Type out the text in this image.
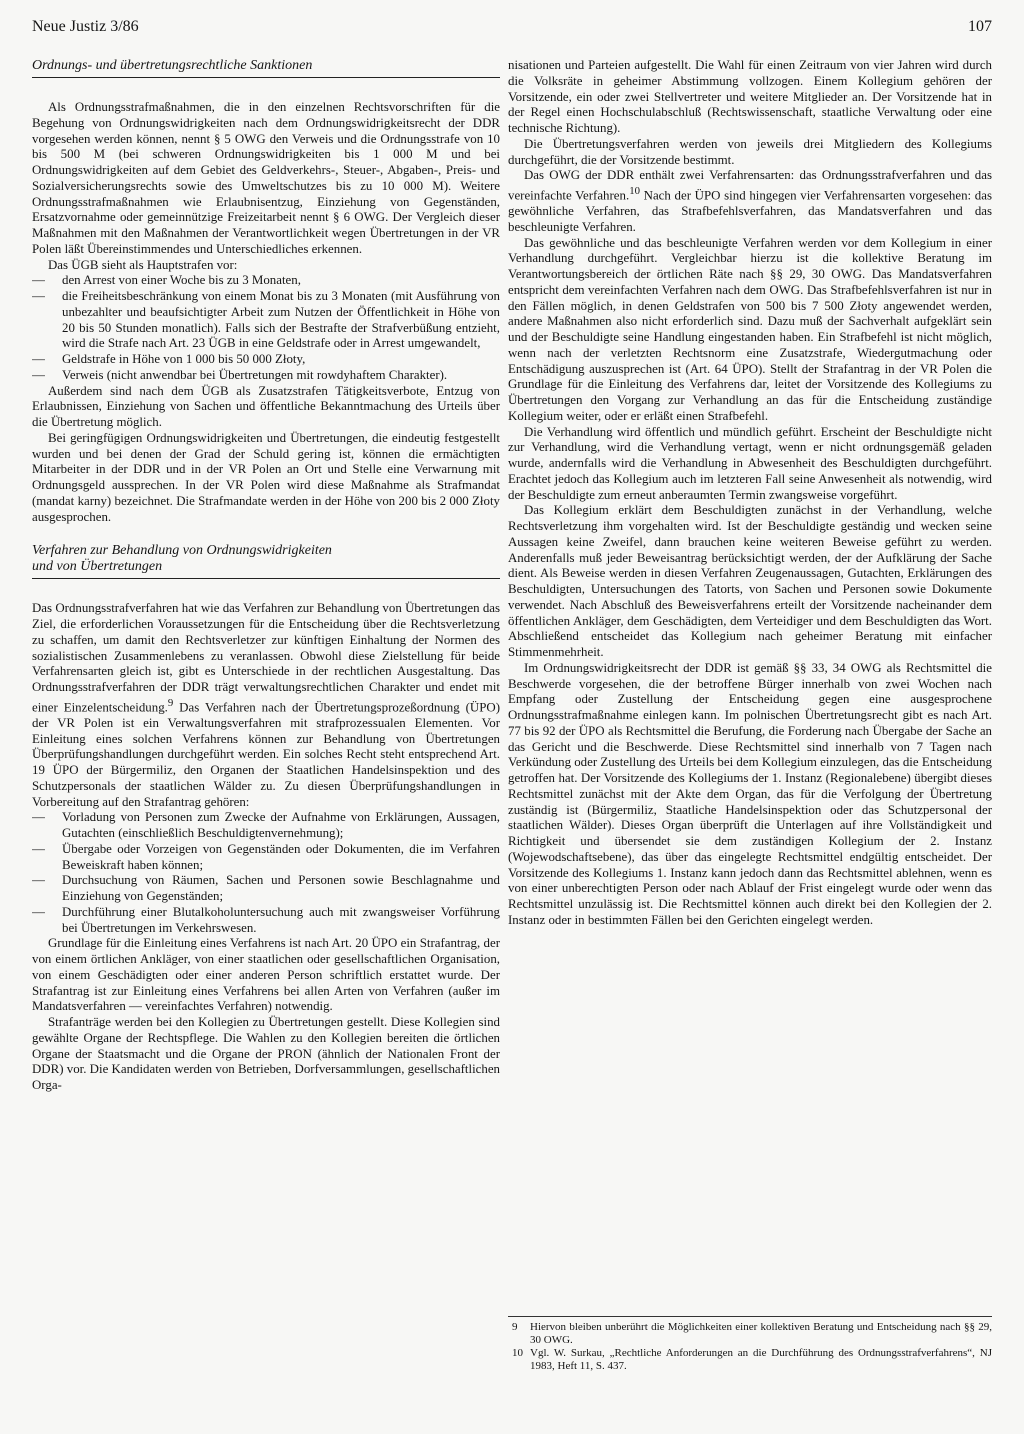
Neue Justiz 3/86	107
Ordnungs- und übertretungsrechtliche Sanktionen

Als Ordnungsstrafmaßnahmen, die in den einzelnen Rechtsvorschriften für die Begehung von Ordnungswidrigkeiten nach dem Ordnungswidrigkeitsrecht der DDR vorgesehen werden können, nennt § 5 OWG den Verweis und die Ordnungsstrafe von 10 bis 500 M (bei schweren Ordnungswidrigkeiten bis 1 000 M und bei Ordnungswidrigkeiten auf dem Gebiet des Geldverkehrs-, Steuer-, Abgaben-, Preis- und Sozialversicherungsrechts sowie des Umweltschutzes bis zu 10 000 M). Weitere Ordnungsstrafmaßnahmen wie Erlaubnisentzug, Einziehung von Gegenständen, Ersatzvornahme oder gemeinnützige Freizeitarbeit nennt § 6 OWG. Der Vergleich dieser Maßnahmen mit den Maßnahmen der Verantwortlichkeit wegen Übertretungen in der VR Polen läßt Übereinstimmendes und Unterschiedliches erkennen.

Das ÜGB sieht als Hauptstrafen vor:

— den Arrest von einer Woche bis zu 3 Monaten,
— die Freiheitsbeschränkung von einem Monat bis zu 3 Monaten (mit Ausführung von unbezahlter und beaufsichtigter Arbeit zum Nutzen der Öffentlichkeit in Höhe von 20 bis 50 Stunden monatlich). Falls sich der Bestrafte der Strafverbüßung entzieht, wird die Strafe nach Art. 23 ÜGB in eine Geldstrafe oder in Arrest umgewandelt,
— Geldstrafe in Höhe von 1 000 bis 50 000 Złoty,
— Verweis (nicht anwendbar bei Übertretungen mit rowdyhaftem Charakter).

Außerdem sind nach dem ÜGB als Zusatzstrafen Tätigkeitsverbote, Entzug von Erlaubnissen, Einziehung von Sachen und öffentliche Bekanntmachung des Urteils über die Übertretung möglich.

Bei geringfügigen Ordnungswidrigkeiten und Übertretungen, die eindeutig festgestellt wurden und bei denen der Grad der Schuld gering ist, können die ermächtigten Mitarbeiter in der DDR und in der VR Polen an Ort und Stelle eine Verwarnung mit Ordnungsgeld aussprechen. In der VR Polen wird diese Maßnahme als Strafmandat (mandat karny) bezeichnet. Die Strafmandate werden in der Höhe von 200 bis 2 000 Złoty ausgesprochen.

Verfahren zur Behandlung von Ordnungswidrigkeiten
und von Übertretungen

Das Ordnungsstrafverfahren hat wie das Verfahren zur Behandlung von Übertretungen das Ziel, die erforderlichen Voraussetzungen für die Entscheidung über die Rechtsverletzung zu schaffen, um damit den Rechtsverletzer zur künftigen Einhaltung der Normen des sozialistischen Zusammenlebens zu veranlassen. Obwohl diese Zielstellung für beide Verfahrensarten gleich ist, gibt es Unterschiede in der rechtlichen Ausgestaltung. Das Ordnungsstrafverfahren der DDR trägt verwaltungsrechtlichen Charakter und endet mit einer Einzelentscheidung.$^9$ Das Verfahren nach der Übertretungsprozeßordnung (ÜPO) der VR Polen ist ein Verwaltungsverfahren mit strafprozessualen Elementen. Vor Einleitung eines solchen Verfahrens können zur Behandlung von Übertretungen Überprüfungshandlungen durchgeführt werden. Ein solches Recht steht entsprechend Art. 19 ÜPO der Bürgermiliz, den Organen der Staatlichen Handelsinspektion und des Schutzpersonals der staatlichen Wälder zu. Zu diesen Überprüfungshandlungen in Vorbereitung auf den Strafantrag gehören:

— Vorladung von Personen zum Zwecke der Aufnahme von Erklärungen, Aussagen, Gutachten (einschließlich Beschuldigtenvernehmung);
— Übergabe oder Vorzeigen von Gegenständen oder Dokumenten, die im Verfahren Beweiskraft haben können;
— Durchsuchung von Räumen, Sachen und Personen sowie Beschlagnahme und Einziehung von Gegenständen;
— Durchführung einer Blutalkoholuntersuchung auch mit zwangsweiser Vorführung bei Übertretungen im Verkehrswesen.

Grundlage für die Einleitung eines Verfahrens ist nach Art. 20 ÜPO ein Strafantrag, der von einem örtlichen Ankläger, von einer staatlichen oder gesellschaftlichen Organisation, von einem Geschädigten oder einer anderen Person schriftlich erstattet wurde. Der Strafantrag ist zur Einleitung eines Verfahrens bei allen Arten von Verfahren (außer im Mandatsverfahren — vereinfachtes Verfahren) notwendig.

Strafanträge werden bei den Kollegien zu Übertretungen gestellt. Diese Kollegien sind gewählte Organe der Rechtspflege. Die Wahlen zu den Kollegien bereiten die örtlichen Organe der Staatsmacht und die Organe der PRON (ähnlich der Nationalen Front der DDR) vor. Die Kandidaten werden von Betrieben, Dorfversammlungen, gesellschaftlichen Orga-

nisationen und Parteien aufgestellt. Die Wahl für einen Zeitraum von vier Jahren wird durch die Volksräte in geheimer Abstimmung vollzogen. Einem Kollegium gehören der Vorsitzende, ein oder zwei Stellvertreter und weitere Mitglieder an. Der Vorsitzende hat in der Regel einen Hochschulabschluß (Rechtswissenschaft, staatliche Verwaltung oder eine technische Richtung).

Die Übertretungsverfahren werden von jeweils drei Mitgliedern des Kollegiums durchgeführt, die der Vorsitzende bestimmt.

Das OWG der DDR enthält zwei Verfahrensarten: das Ordnungsstrafverfahren und das vereinfachte Verfahren.$^{10}$ Nach der ÜPO sind hingegen vier Verfahrensarten vorgesehen: das gewöhnliche Verfahren, das Strafbefehlsverfahren, das Mandatsverfahren und das beschleunigte Verfahren.

Das gewöhnliche und das beschleunigte Verfahren werden vor dem Kollegium in einer Verhandlung durchgeführt. Vergleichbar hierzu ist die kollektive Beratung im Verantwortungsbereich der örtlichen Räte nach §§ 29, 30 OWG. Das Mandatsverfahren entspricht dem vereinfachten Verfahren nach dem OWG. Das Strafbefehlsverfahren ist nur in den Fällen möglich, in denen Geldstrafen von 500 bis 7 500 Złoty angewendet werden, andere Maßnahmen also nicht erforderlich sind. Dazu muß der Sachverhalt aufgeklärt sein und der Beschuldigte seine Handlung eingestanden haben. Ein Strafbefehl ist nicht möglich, wenn nach der verletzten Rechtsnorm eine Zusatzstrafe, Wiedergutmachung oder Entschädigung auszusprechen ist (Art. 64 ÜPO). Stellt der Strafantrag in der VR Polen die Grundlage für die Einleitung des Verfahrens dar, leitet der Vorsitzende des Kollegiums zu Übertretungen den Vorgang zur Verhandlung an das für die Entscheidung zuständige Kollegium weiter, oder er erläßt einen Strafbefehl.

Die Verhandlung wird öffentlich und mündlich geführt. Erscheint der Beschuldigte nicht zur Verhandlung, wird die Verhandlung vertagt, wenn er nicht ordnungsgemäß geladen wurde, andernfalls wird die Verhandlung in Abwesenheit des Beschuldigten durchgeführt. Erachtet jedoch das Kollegium auch im letzteren Fall seine Anwesenheit als notwendig, wird der Beschuldigte zum erneut anberaumten Termin zwangsweise vorgeführt.

Das Kollegium erklärt dem Beschuldigten zunächst in der Verhandlung, welche Rechtsverletzung ihm vorgehalten wird. Ist der Beschuldigte geständig und wecken seine Aussagen keine Zweifel, dann brauchen keine weiteren Beweise geführt zu werden. Anderenfalls muß jeder Beweisantrag berücksichtigt werden, der der Aufklärung der Sache dient. Als Beweise werden in diesen Verfahren Zeugenaussagen, Gutachten, Erklärungen des Beschuldigten, Untersuchungen des Tatorts, von Sachen und Personen sowie Dokumente verwendet. Nach Abschluß des Beweisverfahrens erteilt der Vorsitzende nacheinander dem öffentlichen Ankläger, dem Geschädigten, dem Verteidiger und dem Beschuldigten das Wort. Abschließend entscheidet das Kollegium nach geheimer Beratung mit einfacher Stimmenmehrheit.

Im Ordnungswidrigkeitsrecht der DDR ist gemäß §§ 33, 34 OWG als Rechtsmittel die Beschwerde vorgesehen, die der betroffene Bürger innerhalb von zwei Wochen nach Empfang oder Zustellung der Entscheidung gegen eine ausgesprochene Ordnungsstrafmaßnahme einlegen kann. Im polnischen Übertretungsrecht gibt es nach Art. 77 bis 92 der ÜPO als Rechtsmittel die Berufung, die Forderung nach Übergabe der Sache an das Gericht und die Beschwerde. Diese Rechtsmittel sind innerhalb von 7 Tagen nach Verkündung oder Zustellung des Urteils bei dem Kollegium einzulegen, das die Entscheidung getroffen hat. Der Vorsitzende des Kollegiums der 1. Instanz (Regionalebene) übergibt dieses Rechtsmittel zunächst mit der Akte dem Organ, das für die Verfolgung der Übertretung zuständig ist (Bürgermiliz, Staatliche Handelsinspektion oder das Schutzpersonal der staatlichen Wälder). Dieses Organ überprüft die Unterlagen auf ihre Vollständigkeit und Richtigkeit und übersendet sie dem zuständigen Kollegium der 2. Instanz (Wojewodschaftsebene), das über das eingelegte Rechtsmittel endgültig entscheidet. Der Vorsitzende des Kollegiums 1. Instanz kann jedoch dann das Rechtsmittel ablehnen, wenn es von einer unberechtigten Person oder nach Ablauf der Frist eingelegt wurde oder wenn das Rechtsmittel unzulässig ist. Die Rechtsmittel können auch direkt bei den Kollegien der 2. Instanz oder in bestimmten Fällen bei den Gerichten eingelegt werden.

9 Hiervon bleiben unberührt die Möglichkeiten einer kollektiven Beratung und Entscheidung nach §§ 29, 30 OWG.
10 Vgl. W. Surkau, „Rechtliche Anforderungen an die Durchführung des Ordnungsstrafverfahrens“, NJ 1983, Heft 11, S. 437.
